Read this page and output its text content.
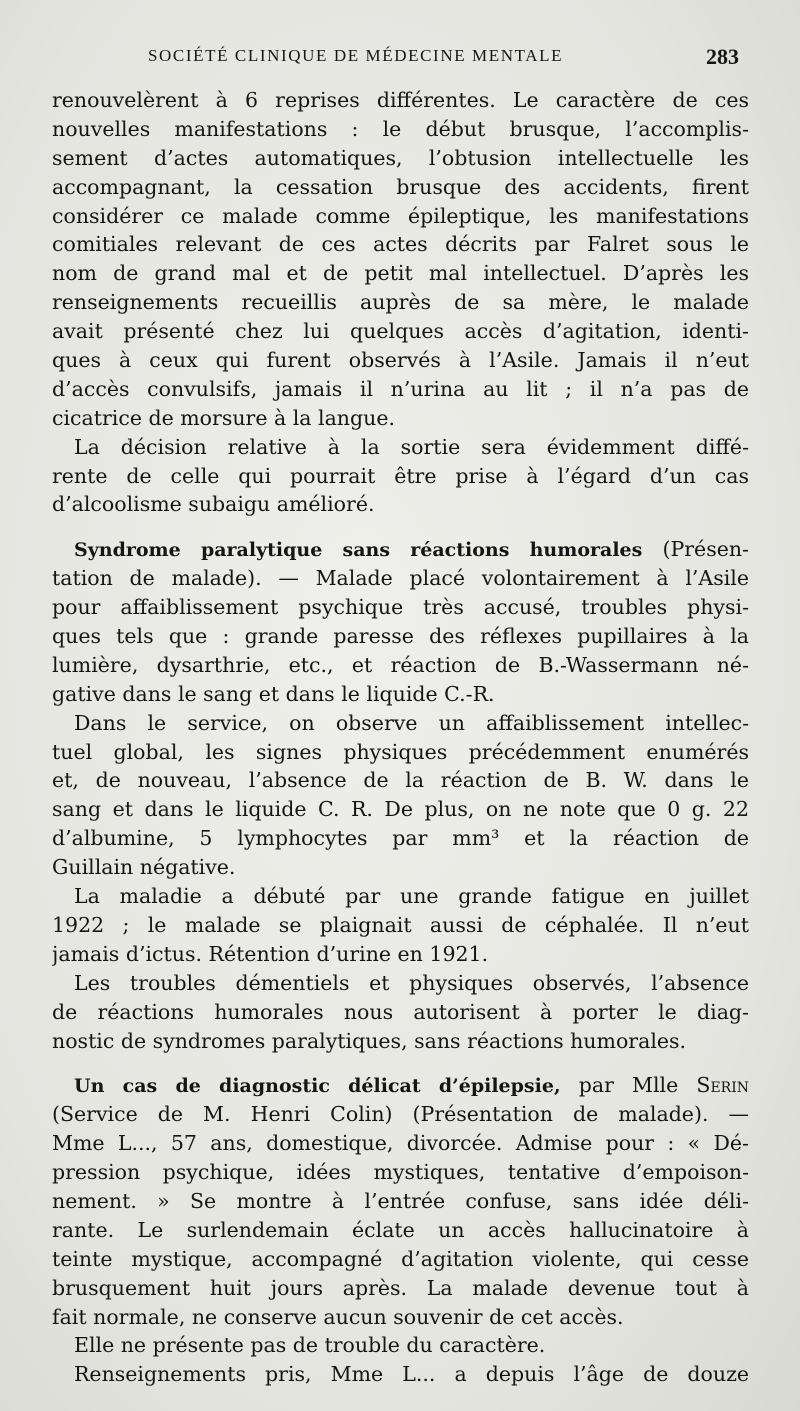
SOCIÉTÉ CLINIQUE DE MÉDECINE MENTALE	283
renouvelèrent à 6 reprises différentes. Le caractère de ces
nouvelles manifestations : le début brusque, l’accomplis-
sement d’actes automatiques, l’obtusion intellectuelle les
accompagnant, la cessation brusque des accidents, firent
considérer ce malade comme épileptique, les manifestations
comitiales relevant de ces actes décrits par Falret sous le
nom de grand mal et de petit mal intellectuel. D’après les
renseignements recueillis auprès de sa mère, le malade
avait présenté chez lui quelques accès d’agitation, identi-
ques à ceux qui furent observés à l’Asile. Jamais il n’eut
d’accès convulsifs, jamais il n’urina au lit ; il n’a pas de
cicatrice de morsure à la langue.
La décision relative à la sortie sera évidemment diffé-
rente de celle qui pourrait être prise à l’égard d’un cas
d’alcoolisme subaigu amélioré.
Syndrome paralytique sans réactions humorales (Présen-
tation de malade). — Malade placé volontairement à l’Asile
pour affaiblissement psychique très accusé, troubles physi-
ques tels que : grande paresse des réflexes pupillaires à la
lumière, dysarthrie, etc., et réaction de B.-Wassermann né-
gative dans le sang et dans le liquide C.-R.
Dans le service, on observe un affaiblissement intellec-
tuel global, les signes physiques précédemment enumérés
et, de nouveau, l’absence de la réaction de B. W. dans le
sang et dans le liquide C. R. De plus, on ne note que 0 g. 22
d’albumine, 5 lymphocytes par mm³ et la réaction de
Guillain négative.
La maladie a débuté par une grande fatigue en juillet
1922 ; le malade se plaignait aussi de céphalée. Il n’eut
jamais d’ictus. Rétention d’urine en 1921.
Les troubles démentiels et physiques observés, l’absence
de réactions humorales nous autorisent à porter le diag-
nostic de syndromes paralytiques, sans réactions humorales.
Un cas de diagnostic délicat d’épilepsie, par Mlle Serin
(Service de M. Henri Colin) (Présentation de malade). —
Mme L..., 57 ans, domestique, divorcée. Admise pour : « Dé-
pression psychique, idées mystiques, tentative d’empoison-
nement. » Se montre à l’entrée confuse, sans idée déli-
rante. Le surlendemain éclate un accès hallucinatoire à
teinte mystique, accompagné d’agitation violente, qui cesse
brusquement huit jours après. La malade devenue tout à
fait normale, ne conserve aucun souvenir de cet accès.
Elle ne présente pas de trouble du caractère.
Renseignements pris, Mme L... a depuis l’âge de douze
